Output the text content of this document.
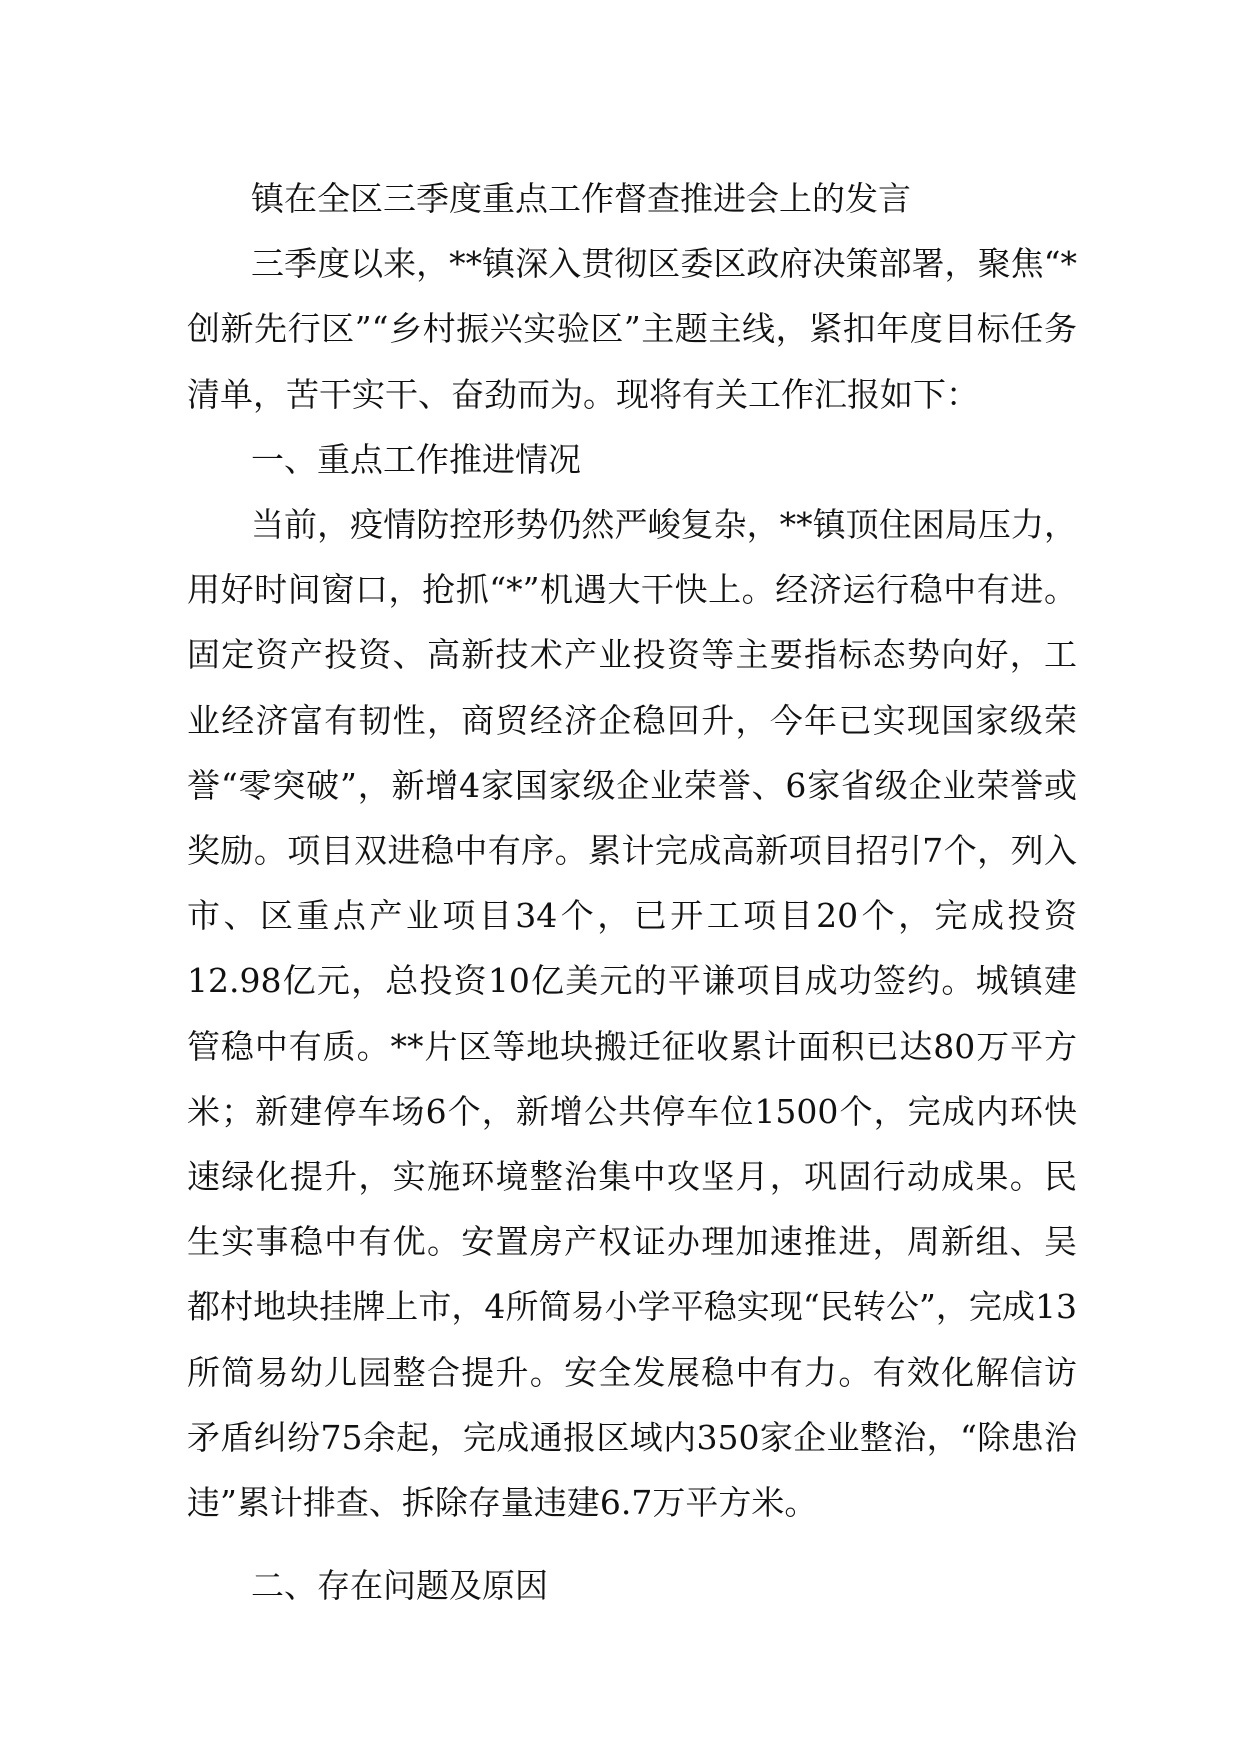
镇在全区三季度重点工作督查推进会上的发言

三季度以来，**镇深入贯彻区委区政府决策部署，聚焦“*创新先行区”“乡村振兴实验区”主题主线，紧扣年度目标任务清单，苦干实干、奋劲而为。现将有关工作汇报如下：

一、重点工作推进情况

当前，疫情防控形势仍然严峻复杂，**镇顶住困局压力，用好时间窗口，抢抓“*”机遇大干快上。经济运行稳中有进。固定资产投资、高新技术产业投资等主要指标态势向好，工业经济富有韧性，商贸经济企稳回升，今年已实现国家级荣誉“零突破”，新增4家国家级企业荣誉、6家省级企业荣誉或奖励。项目双进稳中有序。累计完成高新项目招引7个，列入市、区重点产业项目34个，已开工项目20个，完成投资12.98亿元，总投资10亿美元的平谦项目成功签约。城镇建管稳中有质。**片区等地块搬迁征收累计面积已达80万平方米；新建停车场6个，新增公共停车位1500个，完成内环快速绿化提升，实施环境整治集中攻坚月，巩固行动成果。民生实事稳中有优。安置房产权证办理加速推进，周新组、吴都村地块挂牌上市，4所简易小学平稳实现“民转公”，完成13所简易幼儿园整合提升。安全发展稳中有力。有效化解信访矛盾纠纷75余起，完成通报区域内350家企业整治，“除患治违”累计排查、拆除存量违建6.7万平方米。

二、存在问题及原因
